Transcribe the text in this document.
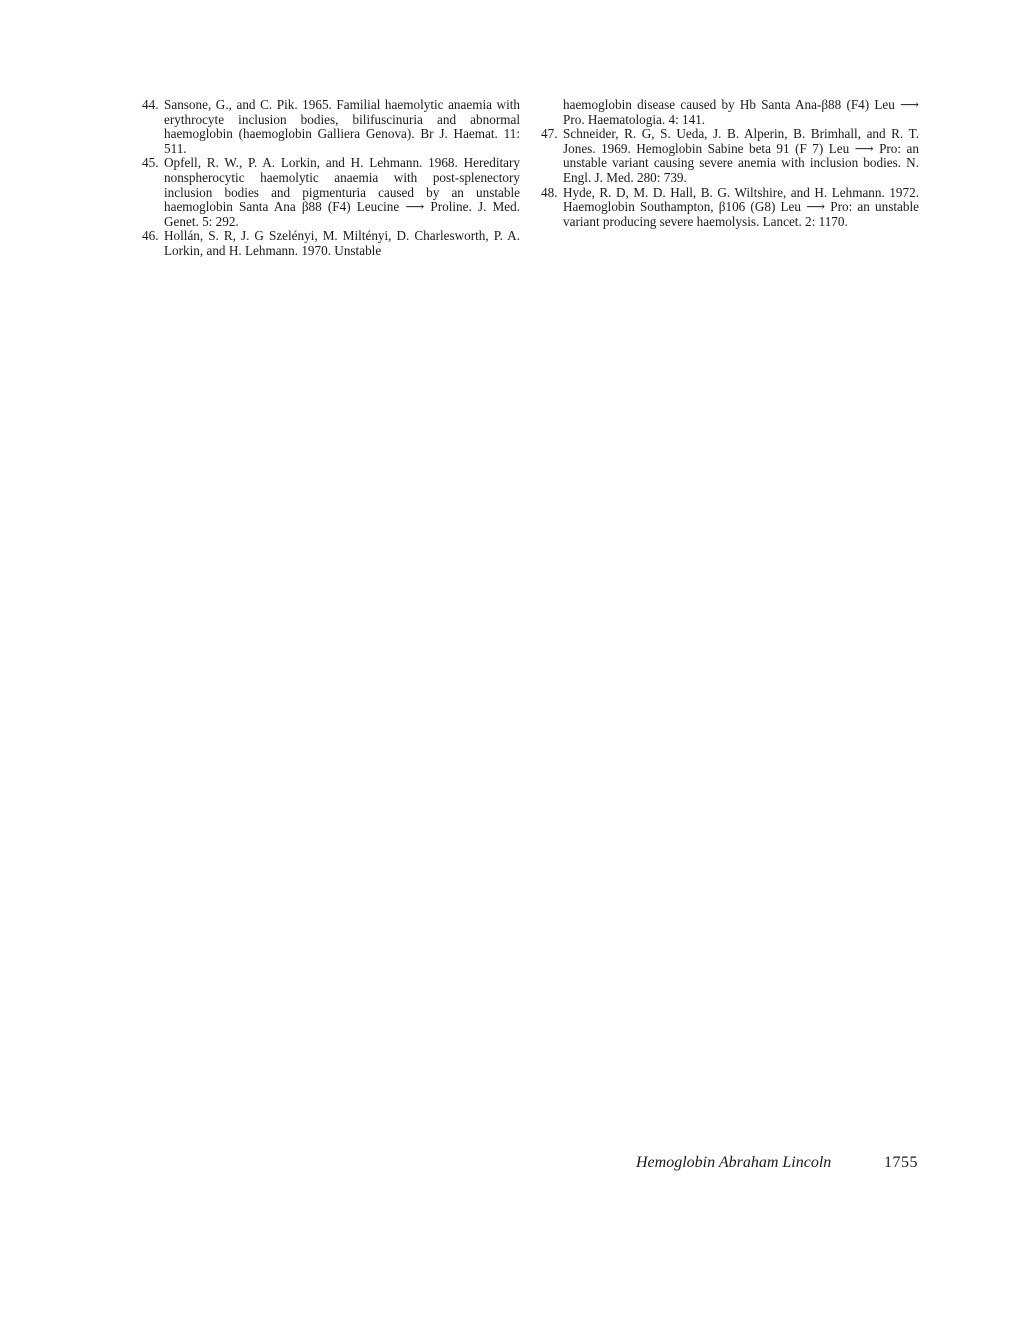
44. Sansone, G., and C. Pik. 1965. Familial haemolytic anaemia with erythrocyte inclusion bodies, bilifuscinuria and abnormal haemoglobin (haemoglobin Galliera Genova). Br J. Haemat. 11: 511.

45. Opfell, R. W., P. A. Lorkin, and H. Lehmann. 1968. Hereditary nonspherocytic haemolytic anaemia with post-splenectory inclusion bodies and pigmenturia caused by an unstable haemoglobin Santa Ana β88 (F4) Leucine ⟶ Proline. J. Med. Genet. 5: 292.

46. Hollán, S. R, J. G Szelényi, M. Miltényi, D. Charlesworth, P. A. Lorkin, and H. Lehmann. 1970. Unstable

haemoglobin disease caused by Hb Santa Ana-β88 (F4) Leu ⟶ Pro. Haematologia. 4: 141.

47. Schneider, R. G, S. Ueda, J. B. Alperin, B. Brimhall, and R. T. Jones. 1969. Hemoglobin Sabine beta 91 (F 7) Leu ⟶ Pro: an unstable variant causing severe anemia with inclusion bodies. N. Engl. J. Med. 280: 739.

48. Hyde, R. D, M. D. Hall, B. G. Wiltshire, and H. Lehmann. 1972. Haemoglobin Southampton, β106 (G8) Leu ⟶ Pro: an unstable variant producing severe haemolysis. Lancet. 2: 1170.

Hemoglobin Abraham Lincoln	1755
